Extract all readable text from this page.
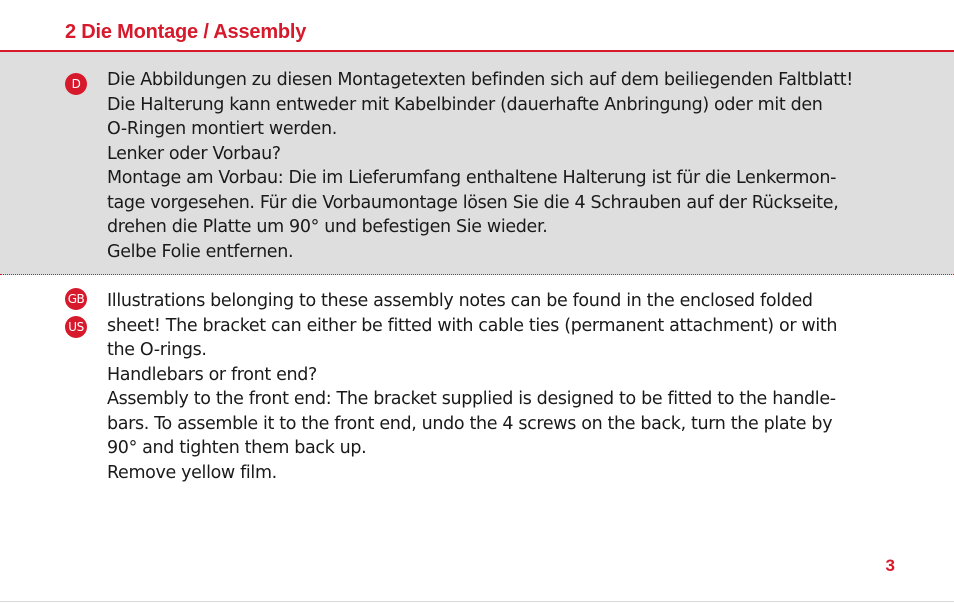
2 Die Montage / Assembly
D	Die Abbildungen zu diesen Montagetexten befinden sich auf dem beiliegenden Faltblatt!

Die Halterung kann entweder mit Kabelbinder (dauerhafte Anbringung) oder mit den

O-Ringen montiert werden.

Lenker oder Vorbau?

Montage am Vorbau: Die im Lieferumfang enthaltene Halterung ist für die Lenkermon-

tage vorgesehen. Für die Vorbaumontage lösen Sie die 4 Schrauben auf der Rückseite,

drehen die Platte um 90° und befestigen Sie wieder.

Gelbe Folie entfernen.

GB
US

Illustrations belonging to these assembly notes can be found in the enclosed folded

sheet! The bracket can either be fitted with cable ties (permanent attachment) or with

the O-rings.

Handlebars or front end?

Assembly to the front end: The bracket supplied is designed to be fitted to the handle-

bars. To assemble it to the front end, undo the 4 screws on the back, turn the plate by

90° and tighten them back up.

Remove yellow film.

3
